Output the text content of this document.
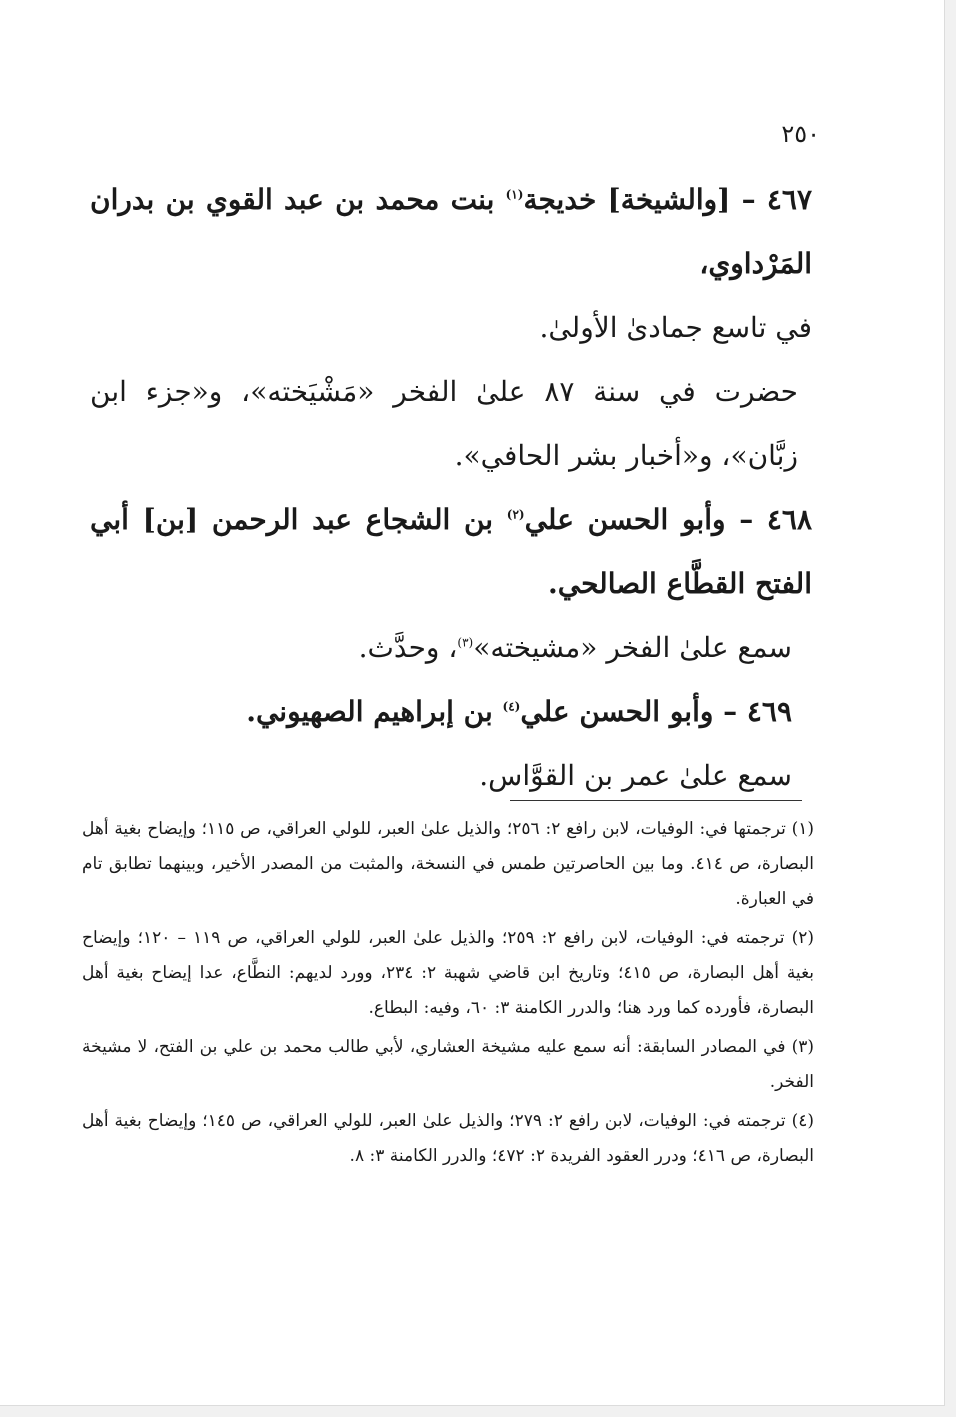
٢٥٠

٤٦٧ – [والشيخة] خديجة$^{(١)}$ بنت محمد بن عبد القوي بن بدران المَرْداوي،

في تاسع جمادىٰ الأولىٰ.

حضرت في سنة ٨٧ علىٰ الفخر «مَشْيَخته»، و«جزء ابن زبَّان»، و«أخبار بشر الحافي».

٤٦٨ – وأبو الحسن علي$^{(٢)}$ بن الشجاع عبد الرحمن [بن] أبي الفتح القطَّاع الصالحي.

سمع علىٰ الفخر «مشيخته»$^{(٣)}$، وحدَّث.

٤٦٩ – وأبو الحسن علي$^{(٤)}$ بن إبراهيم الصهيوني.

سمع علىٰ عمر بن القوَّاس.

(١) ترجمتها في: الوفيات، لابن رافع ٢: ٢٥٦؛ والذيل علىٰ العبر، للولي العراقي، ص ١١٥؛ وإيضاح بغية أهل البصارة، ص ٤١٤. وما بين الحاصرتين طمس في النسخة، والمثبت من المصدر الأخير، وبينهما تطابق تام في العبارة.

(٢) ترجمته في: الوفيات، لابن رافع ٢: ٢٥٩؛ والذيل علىٰ العبر، للولي العراقي، ص ١١٩ – ١٢٠؛ وإيضاح بغية أهل البصارة، ص ٤١٥؛ وتاريخ ابن قاضي شهبة ٢: ٢٣٤، وورد لديهم: النطَّاع، عدا إيضاح بغية أهل البصارة، فأورده كما ورد هنا؛ والدرر الكامنة ٣: ٦٠، وفيه: البطاع.

(٣) في المصادر السابقة: أنه سمع عليه مشيخة العشاري، لأبي طالب محمد بن علي بن الفتح، لا مشيخة الفخر.

(٤) ترجمته في: الوفيات، لابن رافع ٢: ٢٧٩؛ والذيل علىٰ العبر، للولي العراقي، ص ١٤٥؛ وإيضاح بغية أهل البصارة، ص ٤١٦؛ ودرر العقود الفريدة ٢: ٤٧٢؛ والدرر الكامنة ٣: ٨.
